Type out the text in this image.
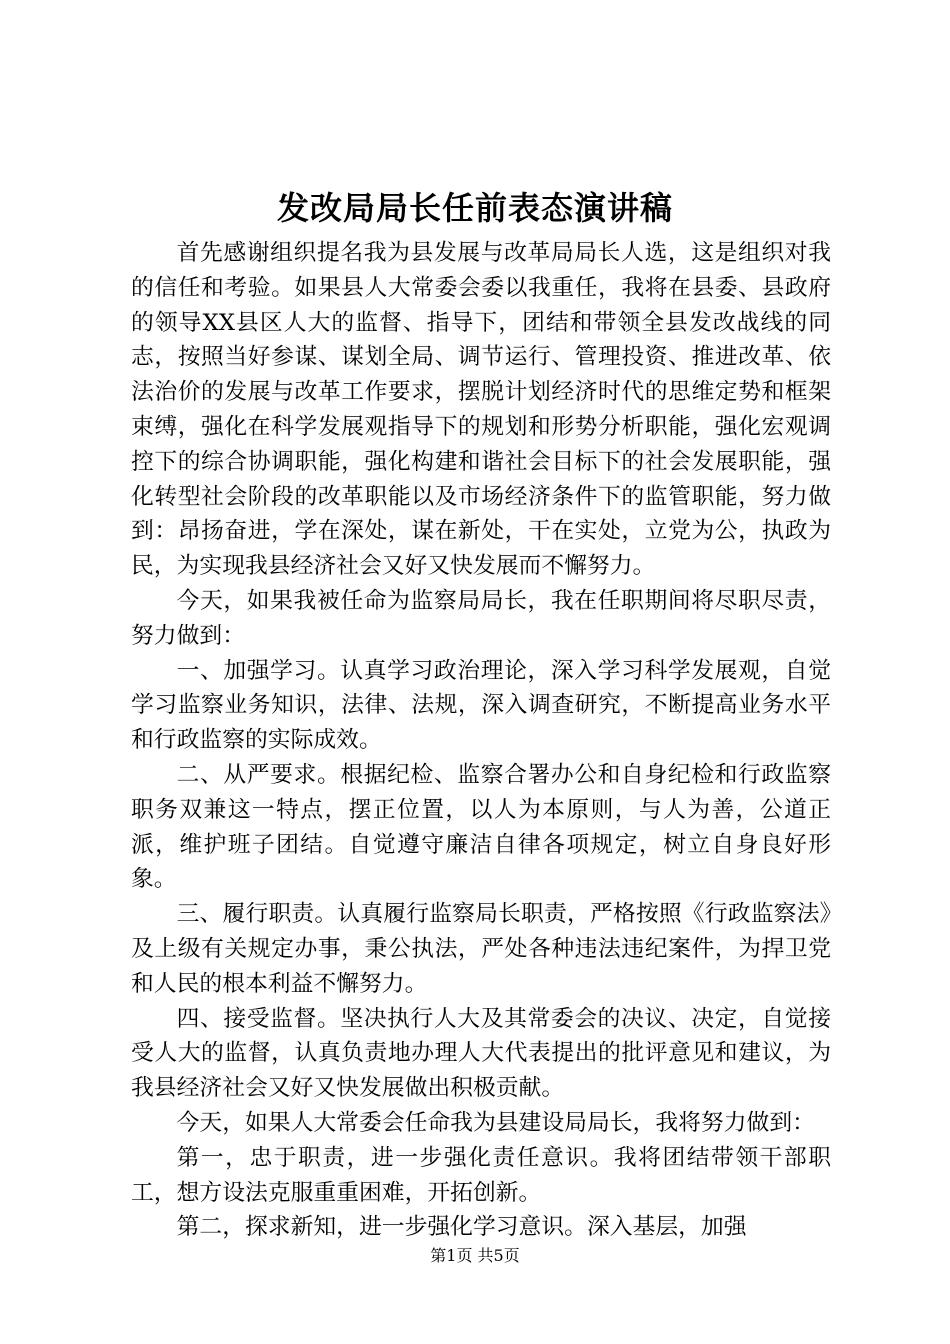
发改局局长任前表态演讲稿

首先感谢组织提名我为县发展与改革局局长人选，这是组织对我的信任和考验。如果县人大常委会委以我重任，我将在县委、县政府的领导XX县区人大的监督、指导下，团结和带领全县发改战线的同志，按照当好参谋、谋划全局、调节运行、管理投资、推进改革、依法治价的发展与改革工作要求，摆脱计划经济时代的思维定势和框架束缚，强化在科学发展观指导下的规划和形势分析职能，强化宏观调控下的综合协调职能，强化构建和谐社会目标下的社会发展职能，强化转型社会阶段的改革职能以及市场经济条件下的监管职能，努力做到：昂扬奋进，学在深处，谋在新处，干在实处，立党为公，执政为民，为实现我县经济社会又好又快发展而不懈努力。

今天，如果我被任命为监察局局长，我在任职期间将尽职尽责，努力做到：

一、加强学习。认真学习政治理论，深入学习科学发展观，自觉学习监察业务知识，法律、法规，深入调查研究，不断提高业务水平和行政监察的实际成效。

二、从严要求。根据纪检、监察合署办公和自身纪检和行政监察职务双兼这一特点，摆正位置，以人为本原则，与人为善，公道正派，维护班子团结。自觉遵守廉洁自律各项规定，树立自身良好形象。

三、履行职责。认真履行监察局长职责，严格按照《行政监察法》及上级有关规定办事，秉公执法，严处各种违法违纪案件，为捍卫党和人民的根本利益不懈努力。

四、接受监督。坚决执行人大及其常委会的决议、决定，自觉接受人大的监督，认真负责地办理人大代表提出的批评意见和建议，为我县经济社会又好又快发展做出积极贡献。

今天，如果人大常委会任命我为县建设局局长，我将努力做到：

第一，忠于职责，进一步强化责任意识。我将团结带领干部职工，想方设法克服重重困难，开拓创新。

第二，探求新知，进一步强化学习意识。深入基层，加强

第1页 共5页
